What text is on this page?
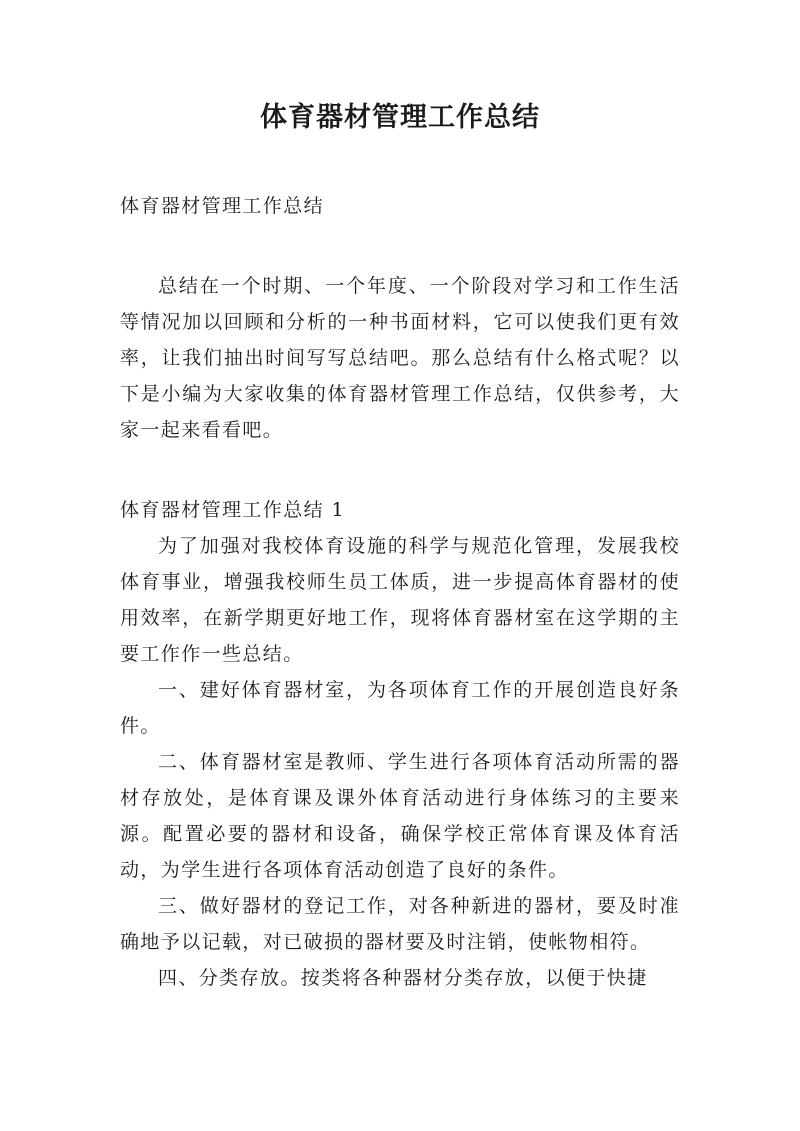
体育器材管理工作总结

体育器材管理工作总结

总结在一个时期、一个年度、一个阶段对学习和工作生活等情况加以回顾和分析的一种书面材料，它可以使我们更有效率，让我们抽出时间写写总结吧。那么总结有什么格式呢？以下是小编为大家收集的体育器材管理工作总结，仅供参考，大家一起来看看吧。

体育器材管理工作总结 1

为了加强对我校体育设施的科学与规范化管理，发展我校体育事业，增强我校师生员工体质，进一步提高体育器材的使用效率，在新学期更好地工作，现将体育器材室在这学期的主要工作作一些总结。

一、建好体育器材室，为各项体育工作的开展创造良好条件。

二、体育器材室是教师、学生进行各项体育活动所需的器材存放处，是体育课及课外体育活动进行身体练习的主要来源。配置必要的器材和设备，确保学校正常体育课及体育活动，为学生进行各项体育活动创造了良好的条件。

三、做好器材的登记工作，对各种新进的器材，要及时准确地予以记载，对已破损的器材要及时注销，使帐物相符。

四、分类存放。按类将各种器材分类存放，以便于快捷
